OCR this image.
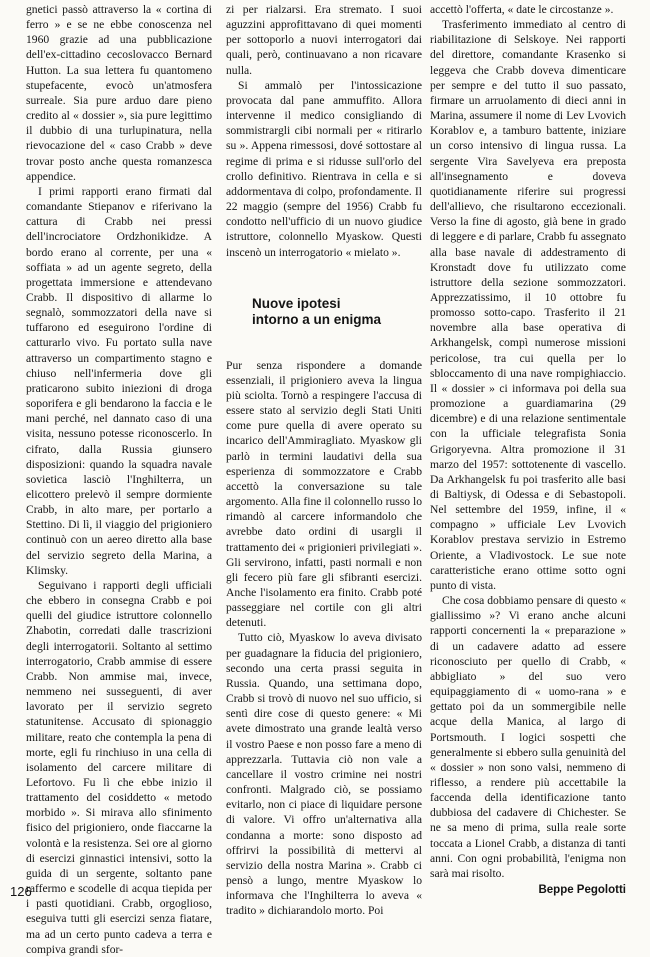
gnetici passò attraverso la « cortina di ferro » e se ne ebbe conoscenza nel 1960 grazie ad una pubblicazione dell'ex-cittadino cecoslovacco Bernard Hutton. La sua lettera fu quantomeno stupefacente, evocò un'atmosfera surreale. Sia pure arduo dare pieno credito al « dossier », sia pure legittimo il dubbio di una turlupinatura, nella rievocazione del « caso Crabb » deve trovar posto anche questa romanzesca appendice.

I primi rapporti erano firmati dal comandante Stiepanov e riferivano la cattura di Crabb nei pressi dell'incrociatore Ordzhonikidze. A bordo erano al corrente, per una « soffiata » ad un agente segreto, della progettata immersione e attendevano Crabb. Il dispositivo di allarme lo segnalò, sommozzatori della nave si tuffarono ed eseguirono l'ordine di catturarlo vivo. Fu portato sulla nave attraverso un compartimento stagno e chiuso nell'infermeria dove gli praticarono subito iniezioni di droga soporifera e gli bendarono la faccia e le mani perché, nel dannato caso di una visita, nessuno potesse riconoscerlo. In cifrato, dalla Russia giunsero disposizioni: quando la squadra navale sovietica lasciò l'Inghilterra, un elicottero prelevò il sempre dormiente Crabb, in alto mare, per portarlo a Stettino. Di lì, il viaggio del prigioniero continuò con un aereo diretto alla base del servizio segreto della Marina, a Klimsky.

Seguivano i rapporti degli ufficiali che ebbero in consegna Crabb e poi quelli del giudice istruttore colonnello Zhabotin, corredati dalle trascrizioni degli interrogatorii. Soltanto al settimo interrogatorio, Crabb ammise di essere Crabb. Non ammise mai, invece, nemmeno nei susseguenti, di aver lavorato per il servizio segreto statunitense. Accusato di spionaggio militare, reato che contempla la pena di morte, egli fu rinchiuso in una cella di isolamento del carcere militare di Lefortovo. Fu lì che ebbe inizio il trattamento del cosiddetto « metodo morbido ». Si mirava allo sfinimento fisico del prigioniero, onde fiaccarne la volontà e la resistenza. Sei ore al giorno di esercizi ginnastici intensivi, sotto la guida di un sergente, soltanto pane raffermo e scodelle di acqua tiepida per i pasti quotidiani. Crabb, orgoglioso, eseguiva tutti gli esercizi senza fiatare, ma ad un certo punto cadeva a terra e compiva grandi sfor-

zi per rialzarsi. Era stremato. I suoi aguzzini approfittavano di quei momenti per sottoporlo a nuovi interrogatori dai quali, però, continuavano a non ricavare nulla.

Si ammalò per l'intossicazione provocata dal pane ammuffito. Allora intervenne il medico consigliando di sommistrargli cibi normali per « ritirarlo su ». Appena rimessosi, dové sottostare al regime di prima e si ridusse sull'orlo del crollo definitivo. Rientrava in cella e si addormentava di colpo, profondamente. Il 22 maggio (sempre del 1956) Crabb fu condotto nell'ufficio di un nuovo giudice istruttore, colonnello Myaskow. Questi inscenò un interrogatorio « mielato ».

Nuove ipotesi
intorno a un enigma

Pur senza rispondere a domande essenziali, il prigioniero aveva la lingua più sciolta. Tornò a respingere l'accusa di essere stato al servizio degli Stati Uniti come pure quella di avere operato su incarico dell'Ammiragliato. Myaskow gli parlò in termini laudativi della sua esperienza di sommozzatore e Crabb accettò la conversazione su tale argomento. Alla fine il colonnello russo lo rimandò al carcere informandolo che avrebbe dato ordini di usargli il trattamento dei « prigionieri privilegiati ». Gli servirono, infatti, pasti normali e non gli fecero più fare gli sfibranti esercizi. Anche l'isolamento era finito. Crabb poté passeggiare nel cortile con gli altri detenuti.

Tutto ciò, Myaskow lo aveva divisato per guadagnare la fiducia del prigioniero, secondo una certa prassi seguita in Russia. Quando, una settimana dopo, Crabb si trovò di nuovo nel suo ufficio, si sentì dire cose di questo genere: « Mi avete dimostrato una grande lealtà verso il vostro Paese e non posso fare a meno di apprezzarla. Tuttavia ciò non vale a cancellare il vostro crimine nei nostri confronti. Malgrado ciò, se possiamo evitarlo, non ci piace di liquidare persone di valore. Vi offro un'alternativa alla condanna a morte: sono disposto ad offrirvi la possibilità di mettervi al servizio della nostra Marina ». Crabb ci pensò a lungo, mentre Myaskow lo informava che l'Inghilterra lo aveva « tradito » dichiarandolo morto. Poi

accettò l'offerta, « date le circostanze ».

Trasferimento immediato al centro di riabilitazione di Selskoye. Nei rapporti del direttore, comandante Krasenko si leggeva che Crabb doveva dimenticare per sempre e del tutto il suo passato, firmare un arruolamento di dieci anni in Marina, assumere il nome di Lev Lvovich Korablov e, a tamburo battente, iniziare un corso intensivo di lingua russa. La sergente Vira Savelyeva era preposta all'insegnamento e doveva quotidianamente riferire sui progressi dell'allievo, che risultarono eccezionali. Verso la fine di agosto, già bene in grado di leggere e di parlare, Crabb fu assegnato alla base navale di addestramento di Kronstadt dove fu utilizzato come istruttore della sezione sommozzatori. Apprezzatissimo, il 10 ottobre fu promosso sotto-capo. Trasferito il 21 novembre alla base operativa di Arkhangelsk, compì numerose missioni pericolose, tra cui quella per lo sbloccamento di una nave rompighiaccio. Il « dossier » ci informava poi della sua promozione a guardiamarina (29 dicembre) e di una relazione sentimentale con la ufficiale telegrafista Sonia Grigoryevna. Altra promozione il 31 marzo del 1957: sottotenente di vascello. Da Arkhangelsk fu poi trasferito alle basi di Baltiysk, di Odessa e di Sebastopoli. Nel settembre del 1959, infine, il « compagno » ufficiale Lev Lvovich Korablov prestava servizio in Estremo Oriente, a Vladivostock. Le sue note caratteristiche erano ottime sotto ogni punto di vista.

Che cosa dobbiamo pensare di questo « giallissimo »? Vi erano anche alcuni rapporti concernenti la « preparazione » di un cadavere adatto ad essere riconosciuto per quello di Crabb, « abbigliato » del suo vero equipaggiamento di « uomo-rana » e gettato poi da un sommergibile nelle acque della Manica, al largo di Portsmouth. I logici sospetti che generalmente si ebbero sulla genuinità del « dossier » non sono valsi, nemmeno di riflesso, a rendere più accettabile la faccenda della identificazione tanto dubbiosa del cadavere di Chichester. Se ne sa meno di prima, sulla reale sorte toccata a Lionel Crabb, a distanza di tanti anni. Con ogni probabilità, l'enigma non sarà mai risolto.

Beppe Pegolotti
126
